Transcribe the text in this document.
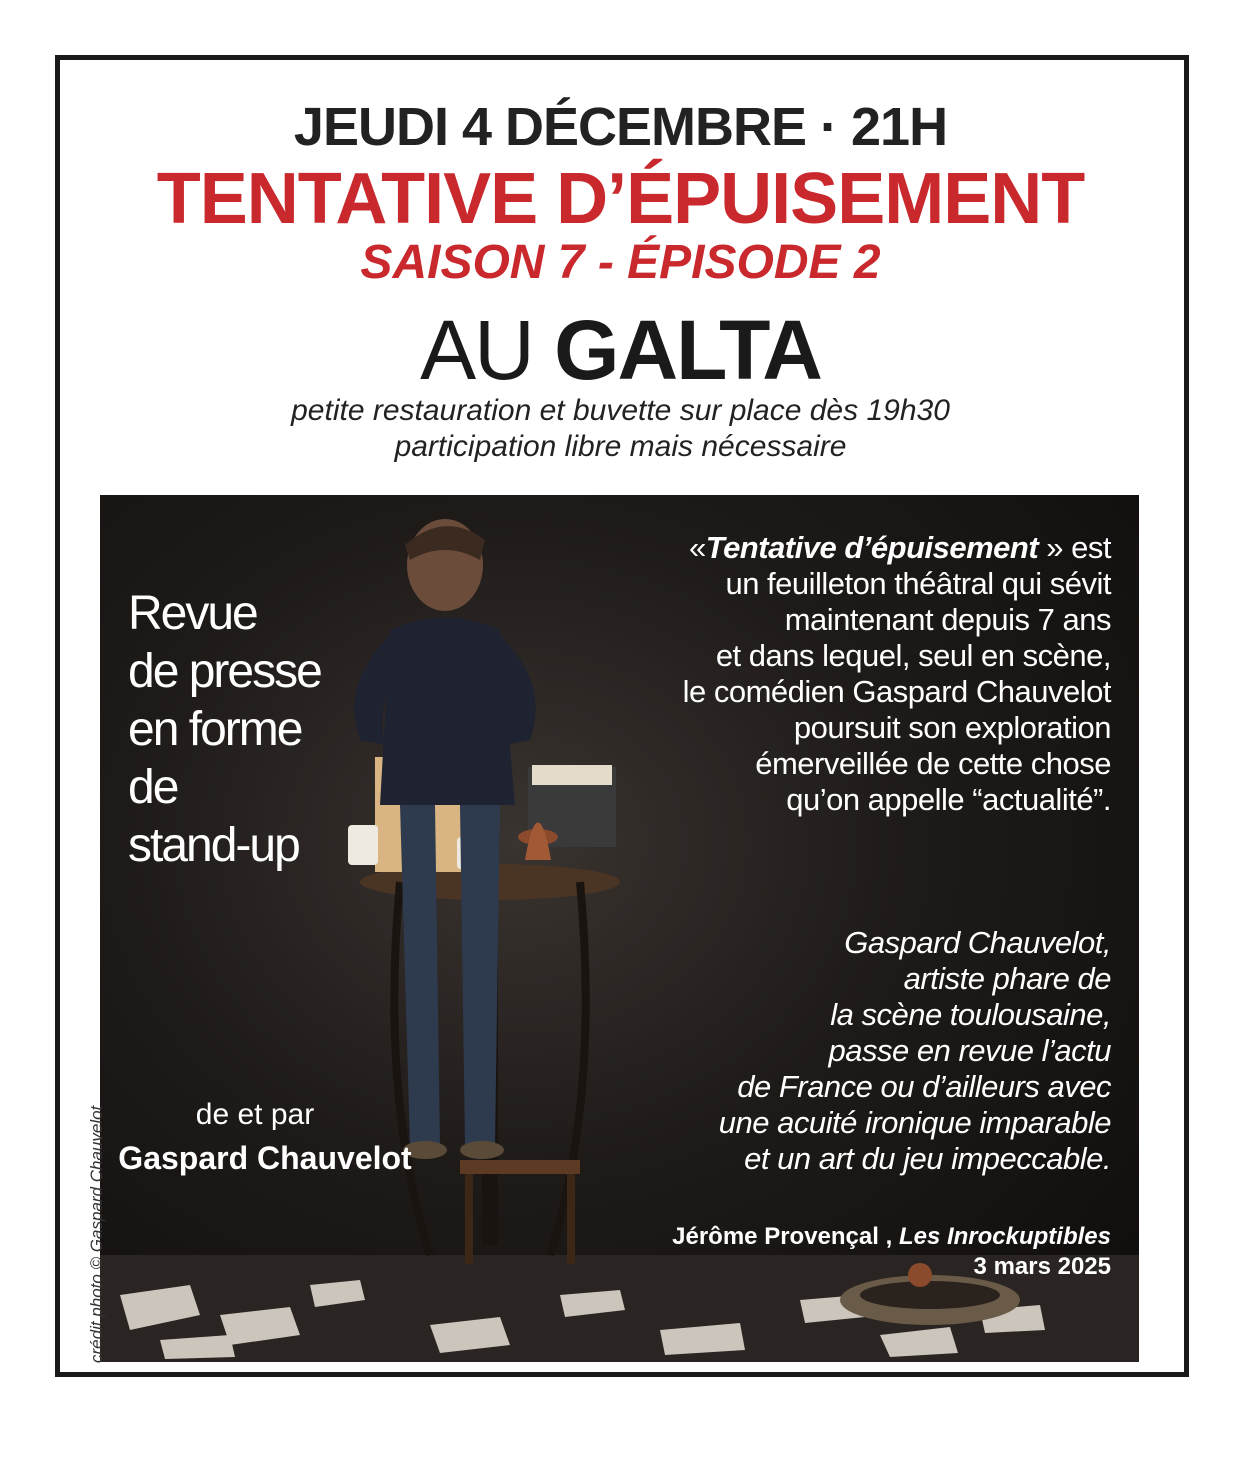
JEUDI 4 DÉCEMBRE · 21H
TENTATIVE D’ÉPUISEMENT
SAISON 7 - ÉPISODE 2
AU GALTA
petite restauration et buvette sur place dès 19h30
participation libre mais nécessaire
Revue
de presse
en forme
de
stand-up
de et par
Gaspard Chauvelot
«Tentative d’épuisement » est
un feuilleton théâtral qui sévit
maintenant depuis 7 ans
et dans lequel, seul en scène,
le comédien Gaspard Chauvelot
poursuit son exploration
émerveillée de cette chose
qu’on appelle “actualité”.
Gaspard Chauvelot,
artiste phare de
la scène toulousaine,
passe en revue l’actu
de France ou d’ailleurs avec
une acuité ironique imparable
et un art du jeu impeccable.
Jérôme Provençal , Les Inrockuptibles
3 mars 2025
crédit photo © Gaspard Chauvelot
